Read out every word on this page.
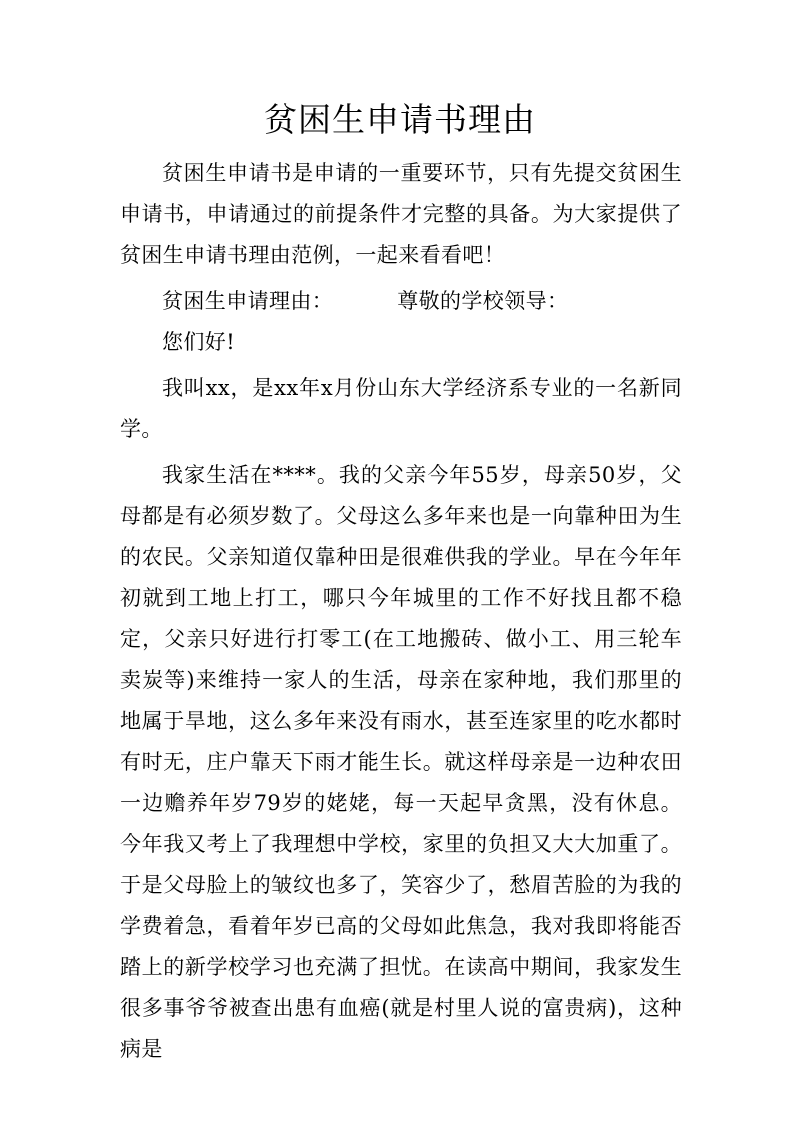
贫困生申请书理由

贫困生申请书是申请的一重要环节，只有先提交贫困生申请书，申请通过的前提条件才完整的具备。为大家提供了贫困生申请书理由范例，一起来看看吧！

贫困生申请理由：	尊敬的学校领导：

您们好!

我叫xx，是xx年x月份山东大学经济系专业的一名新同学。

我家生活在****。我的父亲今年55岁，母亲50岁，父母都是有必须岁数了。父母这么多年来也是一向靠种田为生的农民。父亲知道仅靠种田是很难供我的学业。早在今年年初就到工地上打工，哪只今年城里的工作不好找且都不稳定，父亲只好进行打零工(在工地搬砖、做小工、用三轮车卖炭等)来维持一家人的生活，母亲在家种地，我们那里的地属于旱地，这么多年来没有雨水，甚至连家里的吃水都时有时无，庄户靠天下雨才能生长。就这样母亲是一边种农田一边赡养年岁79岁的姥姥，每一天起早贪黑，没有休息。今年我又考上了我理想中学校，家里的负担又大大加重了。于是父母脸上的皱纹也多了，笑容少了，愁眉苦脸的为我的学费着急，看着年岁已高的父母如此焦急，我对我即将能否踏上的新学校学习也充满了担忧。在读高中期间，我家发生很多事爷爷被查出患有血癌(就是村里人说的富贵病)，这种病是
